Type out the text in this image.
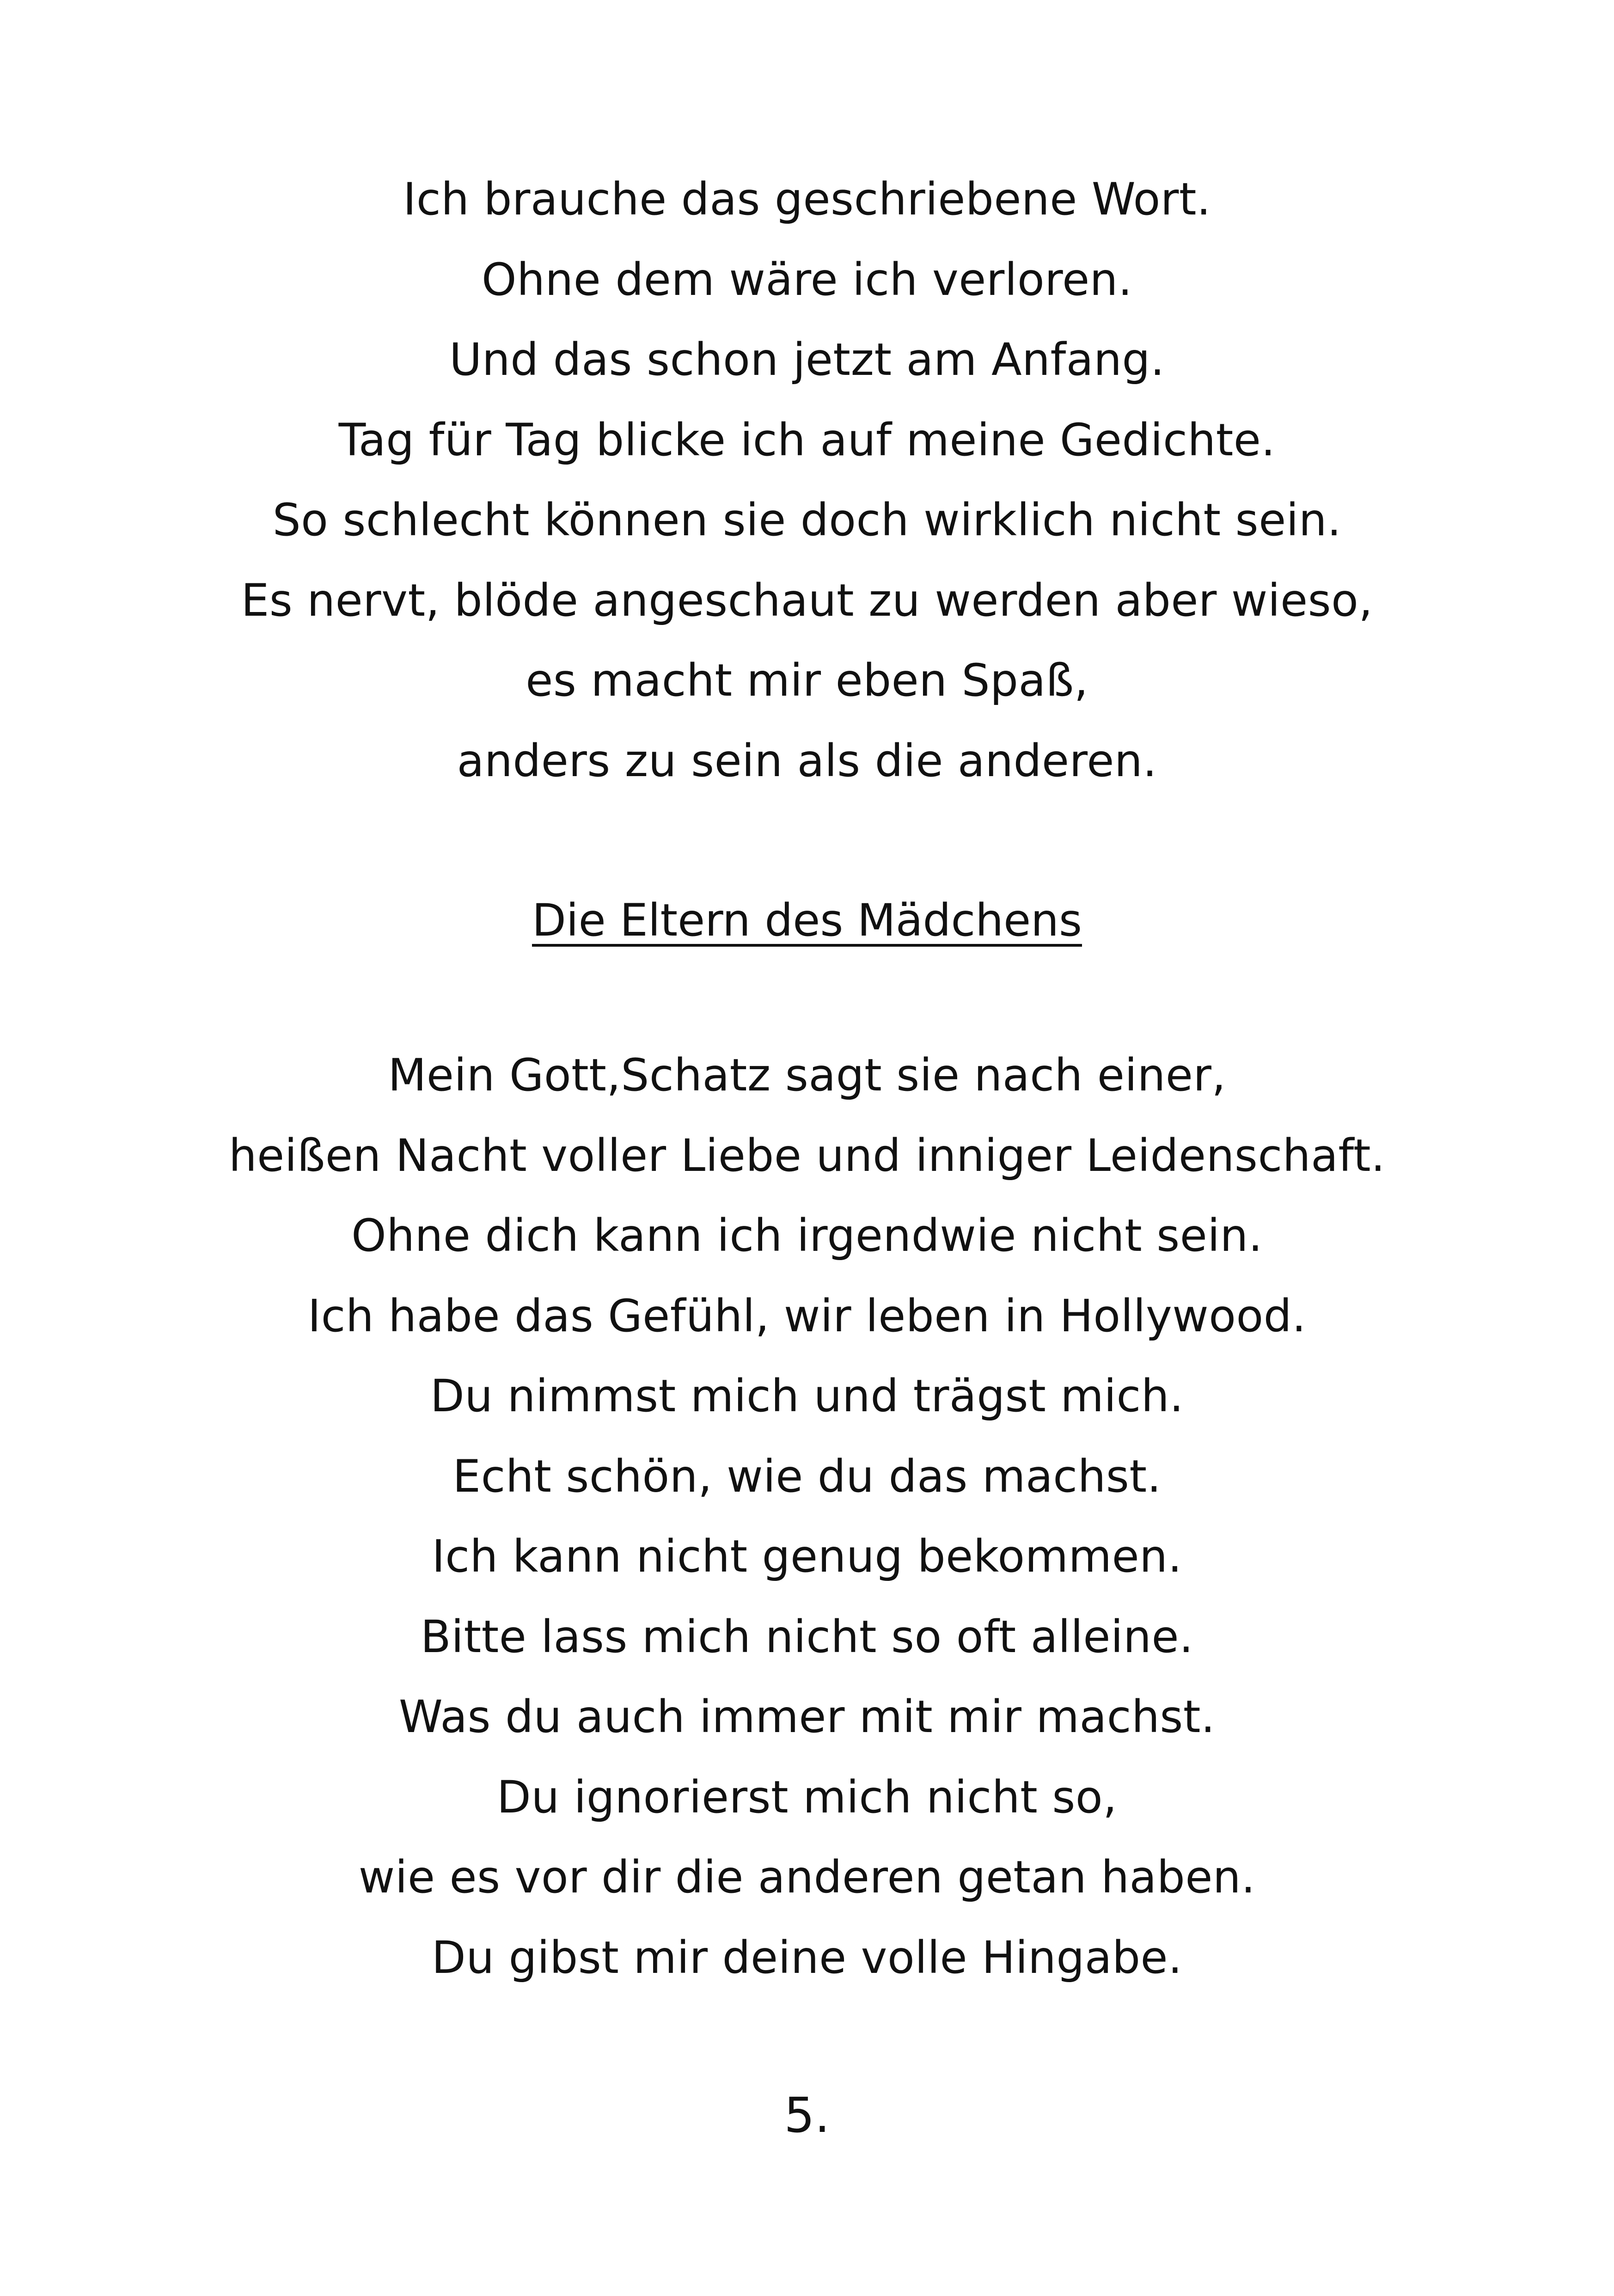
Ich brauche das geschriebene Wort.
Ohne dem wäre ich verloren.
Und das schon jetzt am Anfang.
Tag für Tag blicke ich auf meine Gedichte.
So schlecht können sie doch wirklich nicht sein.
Es nervt, blöde angeschaut zu werden aber wieso,
es macht mir eben Spaß,
anders zu sein als die anderen.
Die Eltern des Mädchens
Mein Gott,Schatz sagt sie nach einer,
heißen Nacht voller Liebe und inniger Leidenschaft.
Ohne dich kann ich irgendwie nicht sein.
Ich habe das Gefühl, wir leben in Hollywood.
Du nimmst mich und trägst mich.
Echt schön, wie du das machst.
Ich kann nicht genug bekommen.
Bitte lass mich nicht so oft alleine.
Was du auch immer mit mir machst.
Du ignorierst mich nicht so,
wie es vor dir die anderen getan haben.
Du gibst mir deine volle Hingabe.
5.
